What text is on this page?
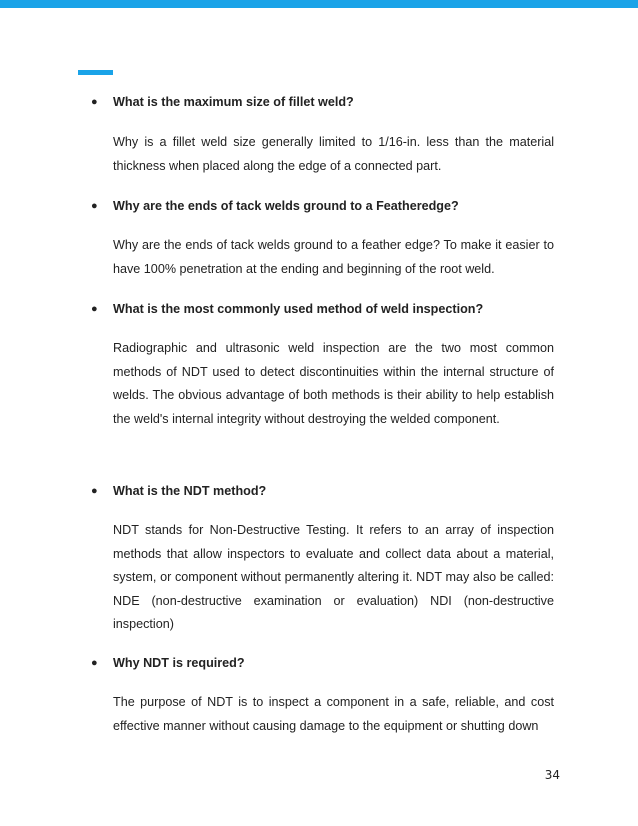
●	What is the maximum size of fillet weld?
Why is a fillet weld size generally limited to 1/16-in. less than the material thickness when placed along the edge of a connected part.
●	Why are the ends of tack welds ground to a Featheredge?
Why are the ends of tack welds ground to a feather edge? To make it easier to have 100% penetration at the ending and beginning of the root weld.
●	What is the most commonly used method of weld inspection?
Radiographic and ultrasonic weld inspection are the two most common methods of NDT used to detect discontinuities within the internal structure of welds. The obvious advantage of both methods is their ability to help establish the weld's internal integrity without destroying the welded component.
●	What is the NDT method?
NDT stands for Non-Destructive Testing. It refers to an array of inspection methods that allow inspectors to evaluate and collect data about a material, system, or component without permanently altering it. NDT may also be called: NDE (non-destructive examination or evaluation) NDI (non-destructive inspection)
●	Why NDT is required?
The purpose of NDT is to inspect a component in a safe, reliable, and cost effective manner without causing damage to the equipment or shutting down
34
